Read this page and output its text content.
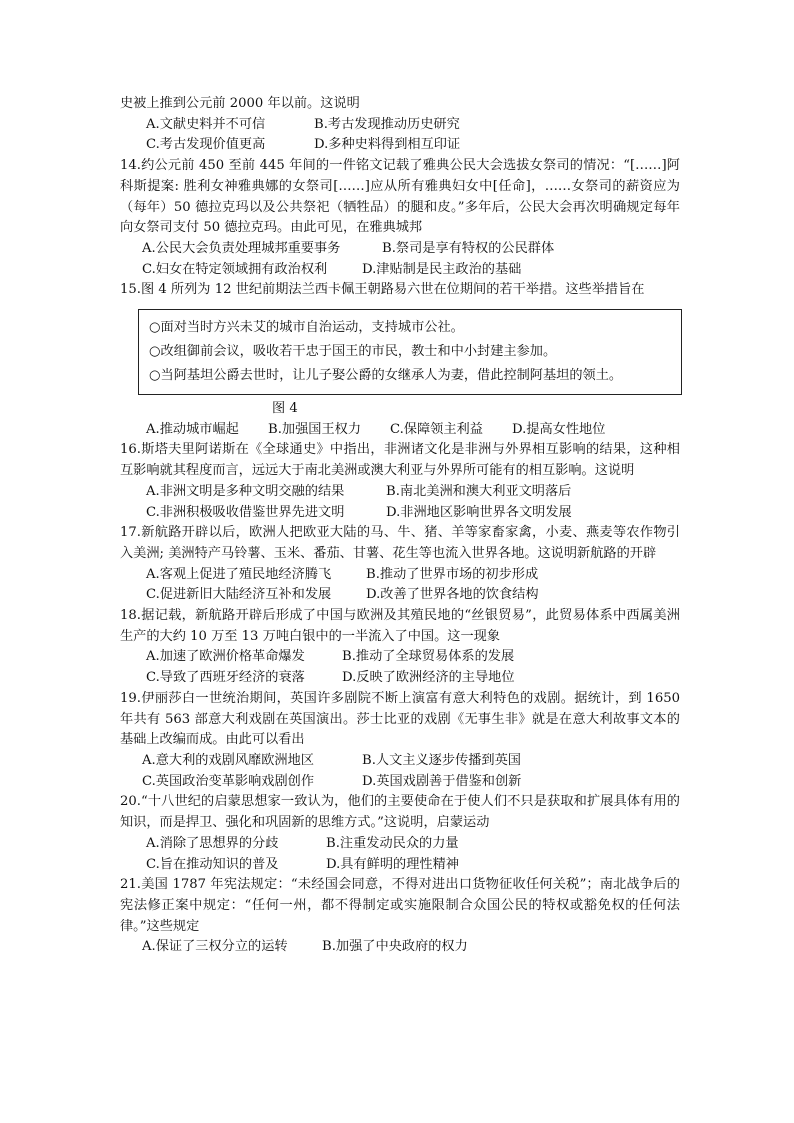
史被上推到公元前 2000 年以前。这说明

A.文献史料并不可信	B.考古发现推动历史研究
C.考古发现价值更高	D.多种史料得到相互印证

14.约公元前 450 至前 445 年间的一件铭文记载了雅典公民大会选拔女祭司的情况：“[……]阿科斯提案: 胜利女神雅典娜的女祭司[……]应从所有雅典妇女中[任命]，……女祭司的薪资应为（每年）50 德拉克玛以及公共祭祀（牺牲品）的腿和皮。”多年后，公民大会再次明确规定每年向女祭司支付 50 德拉克玛。由此可见，在雅典城邦

A.公民大会负责处理城邦重要事务	B.祭司是享有特权的公民群体
C.妇女在特定领域拥有政治权利	D.津贴制是民主政治的基础

15.图 4 所列为 12 世纪前期法兰西卡佩王朝路易六世在位期间的若干举措。这些举措旨在

○面对当时方兴未艾的城市自治运动，支持城市公社。

○改组御前会议，吸收若干忠于国王的市民，教士和中小封建主参加。

○当阿基坦公爵去世时，让儿子娶公爵的女继承人为妻，借此控制阿基坦的领土。

图 4

A.推动城市崛起	B.加强国王权力	C.保障领主利益	D.提高女性地位

16.斯塔夫里阿诺斯在《全球通史》中指出，非洲诸文化是非洲与外界相互影响的结果，这种相互影响就其程度而言，远远大于南北美洲或澳大利亚与外界所可能有的相互影响。这说明

A.非洲文明是多种文明交融的结果	B.南北美洲和澳大利亚文明落后
C.非洲积极吸收借鉴世界先进文明	D.非洲地区影响世界各文明发展

17.新航路开辟以后，欧洲人把欧亚大陆的马、牛、猪、羊等家畜家禽，小麦、燕麦等农作物引入美洲; 美洲特产马铃薯、玉米、番茄、甘薯、花生等也流入世界各地。这说明新航路的开辟

A.客观上促进了殖民地经济腾飞	B.推动了世界市场的初步形成
C.促进新旧大陆经济互补和发展	D.改善了世界各地的饮食结构

18.据记载，新航路开辟后形成了中国与欧洲及其殖民地的“丝银贸易”，此贸易体系中西属美洲生产的大约 10 万至 13 万吨白银中的一半流入了中国。这一现象

A.加速了欧洲价格革命爆发	B.推动了全球贸易体系的发展
C.导致了西班牙经济的衰落	D.反映了欧洲经济的主导地位

19.伊丽莎白一世统治期间，英国许多剧院不断上演富有意大利特色的戏剧。据统计，到 1650 年共有 563 部意大利戏剧在英国演出。莎士比亚的戏剧《无事生非》就是在意大利故事文本的基础上改编而成。由此可以看出

A.意大利的戏剧风靡欧洲地区	B.人文主义逐步传播到英国
C.英国政治变革影响戏剧创作	D.英国戏剧善于借鉴和创新

20.“十八世纪的启蒙思想家一致认为，他们的主要使命在于使人们不只是获取和扩展具体有用的知识，而是捍卫、强化和巩固新的思维方式。”这说明，启蒙运动

A.消除了思想界的分歧	B.注重发动民众的力量
C.旨在推动知识的普及	D.具有鲜明的理性精神

21.美国 1787 年宪法规定：“未经国会同意，不得对进出口货物征收任何关税”；南北战争后的宪法修正案中规定：“任何一州，都不得制定或实施限制合众国公民的特权或豁免权的任何法律。”这些规定

A.保证了三权分立的运转	B.加强了中央政府的权力
